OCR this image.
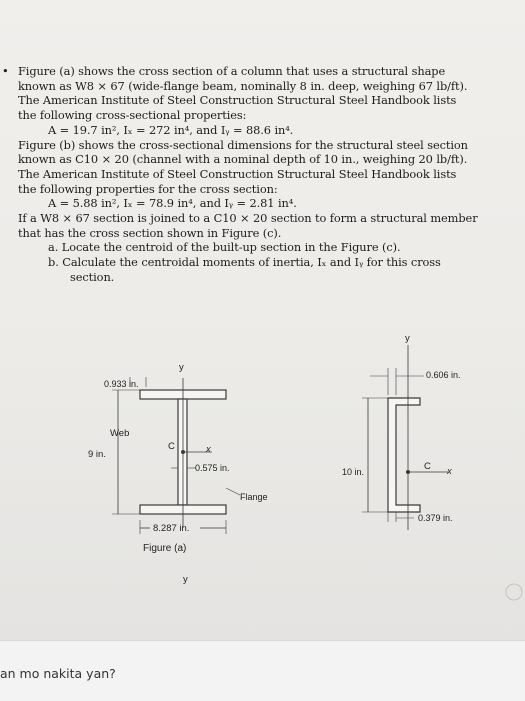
• Figure (a) shows the cross section of a column that uses a structural shape

known as W8 × 67 (wide-flange beam, nominally 8 in. deep, weighing 67 lb/ft).

The American Institute of Steel Construction Structural Steel Handbook lists

the following cross-sectional properties:

A = 19.7 in², Iₓ = 272 in⁴, and Iᵧ = 88.6 in⁴.

Figure (b) shows the cross-sectional dimensions for the structural steel section

known as C10 × 20 (channel with a nominal depth of 10 in., weighing 20 lb/ft).

The American Institute of Steel Construction Structural Steel Handbook lists

the following properties for the cross section:

A = 5.88 in², Iₓ = 78.9 in⁴, and Iᵧ = 2.81 in⁴.

If a W8 × 67 section is joined to a C10 × 20 section to form a structural member

that has the cross section shown in Figure (c).

a. Locate the centroid of the built-up section in the Figure (c).

b. Calculate the centroidal moments of inertia, Iₓ and Iᵧ for this cross

section.

y
0.933 in.
Web
9 in.
C	x
0.575 in.
Flange
8.287 in.
Figure (a)
y
y
0.606 in.
10 in.	C x
0.379 in.
an mo nakita yan?
